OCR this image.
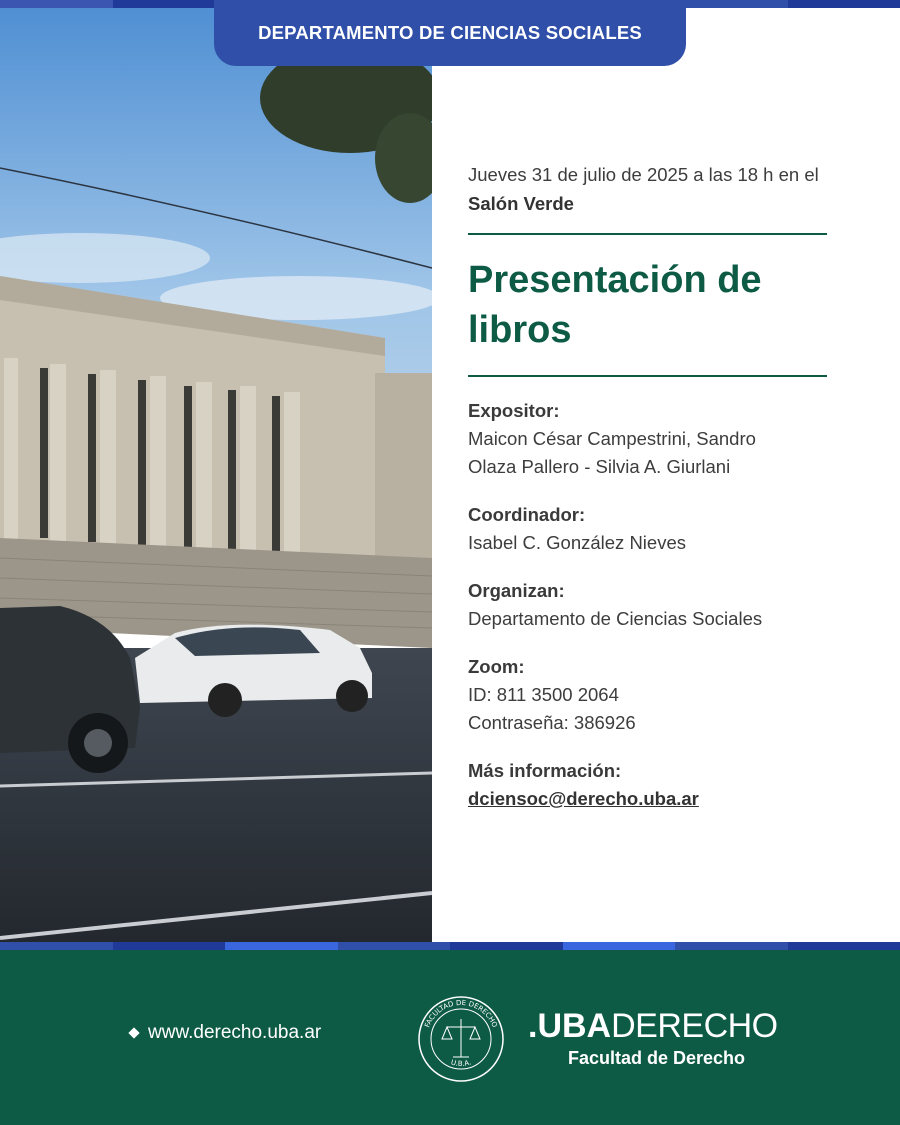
DEPARTAMENTO DE CIENCIAS SOCIALES
Jueves 31 de julio de 2025 a las 18 h en el Salón Verde
Presentación de libros
Expositor:
Maicon César Campestrini, Sandro
Olaza Pallero - Silvia A. Giurlani
Coordinador:
Isabel C. González Nieves
Organizan:
Departamento de Ciencias Sociales
Zoom:
ID: 811 3500 2064
Contraseña: 386926
Más información:
dciensoc@derecho.uba.ar
www.derecho.uba.ar	FACULTAD DE DERECHO
U.B.A.
.UBADERECHO
Facultad de Derecho
